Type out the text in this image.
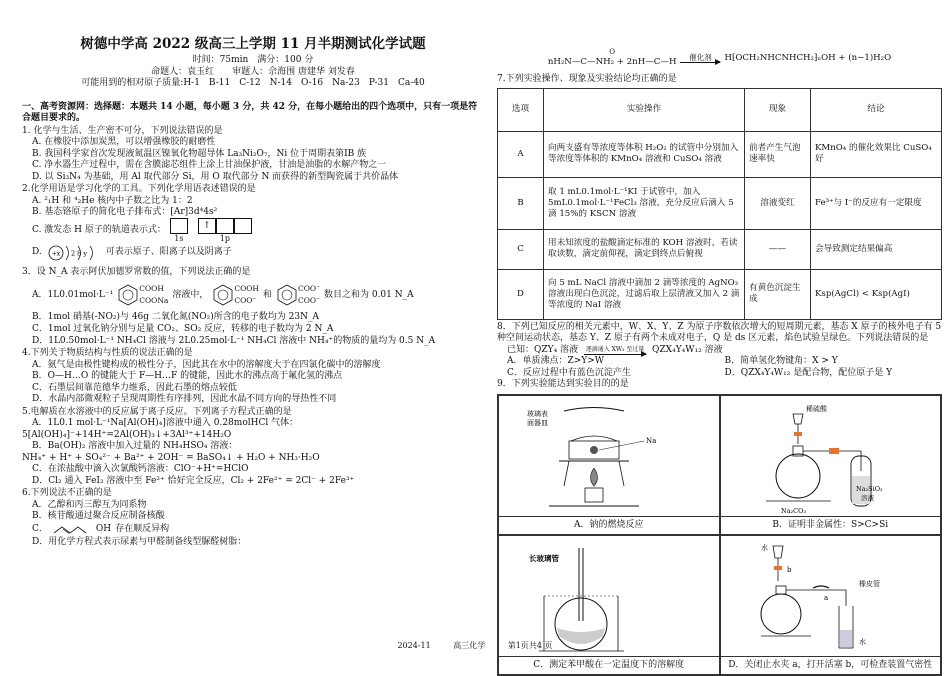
树德中学高 2022 级高三上学期 11 月半期测试化学试题
时间：75min　满分：100 分
命题人：袁玉红　　审题人：佘海围 唐建华 刘发春
可能用到的相对原子质量:H-1　B-11　C-12　N-14　O-16　Na-23　P-31　Ca-40
一、高考资源网：选择题：本题共 14 小题，每小题 3 分，共 42 分，在每小题给出的四个选项中，只有一项是符合题目要求的。
1. 化学与生活、生产密不可分，下列说法错误的是
A. 在橡胶中添加炭黑，可以增强橡胶的耐磨性
B. 我国科学家首次发现液氮温区镍氧化物超导体 La₃Ni₂O₇，Ni 位于周期表第ⅠB 族
C. 净水器生产过程中，需在含膜滤芯组件上涂上甘油保护液，甘油是油脂的水解产物之一
D. 以 Si₃N₄ 为基础，用 Al 取代部分 Si，用 O 取代部分 N 而获得的新型陶瓷属于共价晶体
2.化学用语是学习化学的工具。下列化学用语表述错误的是
A. ²₁H 和 ⁴₂He 核内中子数之比为 1：2
B. 基态铬原子的简化电子排布式：[Ar]3d⁴4s²
C. 激发态 H 原子的轨道表示式：
1s
↑
1p
D. +x 2 8 y 可表示原子、阳离子以及阴离子
3．设 N_A 表示阿伏加德罗常数的值，下列说法正确的是
A．1L0.01mol·L⁻¹
COOH
COONa
溶液中，
COOH
COO⁻
和
COO⁻
COO⁻
数目之和为 0.01 N_A
B．1mol 硝基(-NO₂)与 46g 二氧化氮(NO₂)所含的电子数均为 23N_A
C．1mol 过氧化钠分别与足量 CO₂、SO₂ 反应，转移的电子数均为 2 N_A
D．1L0.50mol·L⁻¹ NH₄Cl 溶液与 2L0.25mol·L⁻¹ NH₄Cl 溶液中 NH₄⁺的物质的量均为 0.5 N_A
4.下列关于物质结构与性质的说法正确的是
A．氨气是由极性键构成的极性分子，因此其在水中的溶解度大于在四氯化碳中的溶解度
B．O—H…O 的键能大于 F—H…F 的键能，因此水的沸点高于氟化氢的沸点
C．石墨层间靠范德华力维系，因此石墨的熔点较低
D．水晶内部微观粒子呈现周期性有序排列，因此水晶不同方向的导热性不同
5.电解质在水溶液中的反应属于离子反应。下列离子方程式正确的是
A．1L0.1 mol·L⁻¹Na[Al(OH)₄]溶液中通入 0.28molHCl 气体：
5[Al(OH)₄]⁻+14H⁺=2Al(OH)₃↓+3Al³⁺+14H₂O
B．Ba(OH)₂ 溶液中加入过量的 NH₄HSO₄ 溶液：
NH₄⁺ + H⁺ + SO₄²⁻ + Ba²⁺ + 2OH⁻ = BaSO₄↓ + H₂O + NH₃·H₂O
C．在浓盐酸中滴入次氯酸钙溶液：ClO⁻+H⁺=HClO
D．Cl₂ 通入 FeI₂ 溶液中至 Fe²⁺ 恰好完全反应，Cl₂ + 2Fe²⁺ = 2Cl⁻ + 2Fe³⁺
6.下列说法不正确的是
A．乙醇和丙三醇互为同系物
B．核苷酸通过聚合反应制备核酸
C．	OH 存在顺反异构
D．用化学方程式表示尿素与甲醛制备线型脲醛树脂：
O
nH₂N—C—NH₂ + 2nH—C—H 催化剂 H⁅OCH₂NHCNHCH₂⁆ₙOH + (n−1)H₂O
7.下列实验操作、现象及实验结论均正确的是
选项	实验操作	现象	结论
A	向两支盛有等浓度等体积 H₂O₂ 的试管中分别加入等浓度等体积的 KMnO₄ 溶液和 CuSO₄ 溶液	前者产生气泡速率快	KMnO₄ 的催化效果比 CuSO₄ 好
B	取 1 mL0.1mol·L⁻¹KI 于试管中，加入 5mL0.1mol·L⁻¹FeCl₃ 溶液，充分反应后滴入 5 滴 15%的 KSCN 溶液	溶液变红	Fe³⁺与 I⁻的反应有一定限度
C	用未知浓度的盐酸滴定标准的 KOH 溶液时，若读取读数，滴定前仰视，滴定到终点后俯视	——	会导致测定结果偏高
D	向 5 mL NaCl 溶液中滴加 2 滴等浓度的 AgNO₃ 溶液出现白色沉淀，过滤后取上层清液又加入 2 滴等浓度的 NaI 溶液	有黄色沉淀生成	Ksp(AgCl) < Ksp(AgI)
8．下列已知反应的相关元素中，W、X、Y、Z 为原子序数依次增大的短周期元素，基态 X 原子的核外电子有 5 种空间运动状态，基态 Y、Z 原子有两个未成对电子，Q 是 ds 区元素，焰色试验呈绿色。下列说法错误的是
已知：QZY₄ 溶液 逐滴通入 XW₃ 至过量 QZX₄Y₄W₁₂ 溶液
A．单质沸点：Z>Y>W	B．简单氢化物键角：X > Y
C．反应过程中有蓝色沉淀产生	D．QZX₄Y₄W₁₂ 是配合物，配位原子是 Y
9．下列实验能达到实验目的的是
玻璃表
面器皿
Na
A．钠的燃烧反应
稀硫酸
Na₂SiO₃
溶液
Na₂CO₃
B．证明非金属性：S>C>Si
长玻璃管
C．测定苯甲酸在一定温度下的溶解度
水
b
橡皮管
a
水
D．关闭止水夹 a，打开活塞 b，可检查装置气密性
2024-11	高三化学	第1页共4 页
